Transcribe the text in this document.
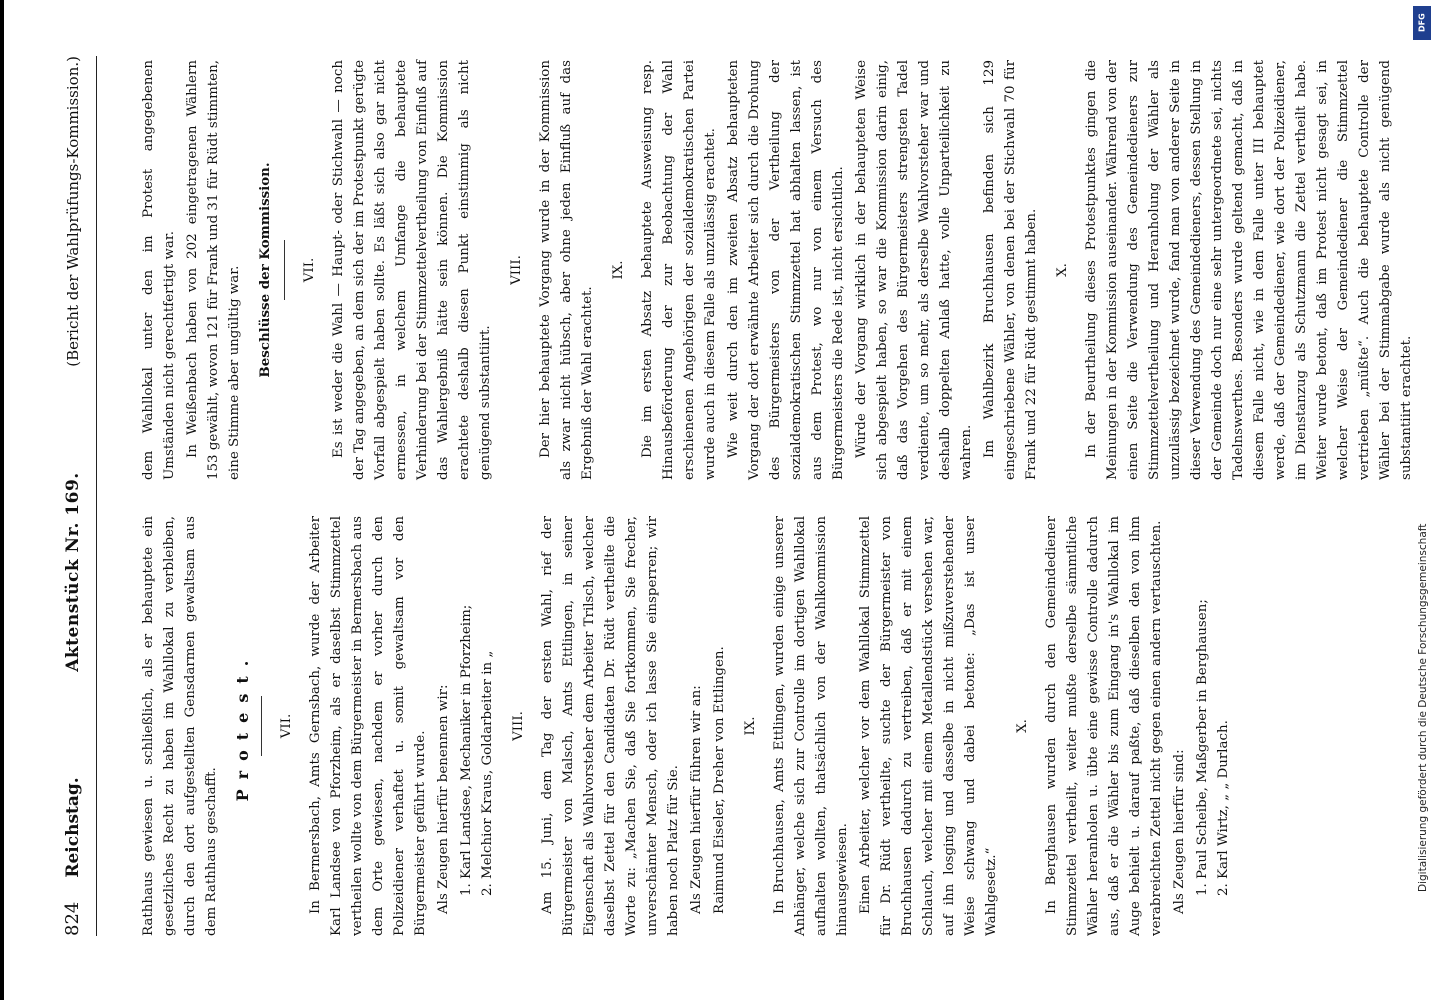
824
Reichstag.
Aktenstück Nr. 169.
(Bericht der Wahlprüfungs-Kommission.)

Rathhaus gewiesen u. schließlich, als er behauptete ein gesetzliches Recht zu haben im Wahllokal zu verbleiben, durch den dort aufgestellten Gensdarmen gewaltsam aus dem Rathhaus geschafft.

Protest. VII. In Bermersbach, Amts Gernsbach, wurde der Arbeiter Karl Landsee von Pforzheim, als er daselbst Stimmzettel vertheilen wollte von dem Bürgermeister in Bermersbach aus dem Orte gewiesen, nachdem er vorher durch den Polizeidiener verhaftet u. somit gewaltsam vor den Bürgermeister geführt wurde. Als Zeugen hierfür benennen wir: 1. Karl Landsee, Mechaniker in Pforzheim; 2. Melchior Kraus, Goldarbeiter in „ VIII. Am 15. Juni, dem Tag der ersten Wahl, rief der Bürgermeister von Malsch, Amts Ettlingen, in seiner Eigenschaft als Wahlvorsteher dem Arbeiter Trilsch, welcher daselbst Zettel für den Candidaten Dr. Rüdt vertheilte die Worte zu: „Machen Sie, daß Sie fortkommen, Sie frecher, unverschämter Mensch, oder ich lasse Sie einsperren; wir haben noch Platz für Sie. Als Zeugen hierfür führen wir an: Raimund Eiseler, Dreher von Ettlingen. IX. In Bruchhausen, Amts Ettlingen, wurden einige unserer Anhänger, welche sich zur Controlle im dortigen Wahllokal aufhalten wollten, thatsächlich von der Wahlkommission hinausgewiesen. Einen Arbeiter, welcher vor dem Wahllokal Stimmzettel für Dr. Rüdt vertheilte, suchte der Bürgermeister von Bruchhausen dadurch zu vertreiben, daß er mit einem Schlauch, welcher mit einem Metallendstück versehen war, auf ihn losging und dasselbe in nicht mißzuverstehender Weise schwang und dabei betonte: „Das ist unser Wahlgesetz.“

X. In Berghausen wurden durch den Gemeindediener Stimmzettel vertheilt, weiter mußte derselbe sämmtliche Wähler heranholen u. übte eine gewisse Controlle dadurch aus, daß er die Wähler bis zum Eingang in's Wahllokal im Auge behielt u. darauf paßte, daß dieselben den von ihm verabreichten Zettel nicht gegen einen andern vertauschten. Als Zeugen hierfür sind: 1. Paul Scheibe, Maßgerber in Berghausen; 2. Karl Wirtz, „ „ Durlach.

dem Wahllokal unter den im Protest angegebenen Umständen nicht gerechtfertigt war. In Weißenbach haben von 202 eingetragenen Wählern 153 gewählt, wovon 121 für Frank und 31 für Rüdt stimmten, eine Stimme aber ungültig war. Beschlüsse der Kommission. VII. Es ist weder die Wahl — Haupt- oder Stichwahl — noch der Tag angegeben, an dem sich der im Protestpunkt gerügte Vorfall abgespielt haben sollte. Es läßt sich also gar nicht ermessen, in welchem Umfange die behauptete Verhinderung bei der Stimmzettelvertheilung von Einfluß auf das Wahlergebniß hätte sein können. Die Kommission erachtete deshalb diesen Punkt einstimmig als nicht genügend substantiirt.

VIII. Der hier behauptete Vorgang wurde in der Kommission als zwar nicht hübsch, aber ohne jeden Einfluß auf das Ergebniß der Wahl erachtet.

IX. Die im ersten Absatz behauptete Ausweisung resp. Hinausbeförderung der zur Beobachtung der Wahl erschienenen Angehörigen der sozialdemokratischen Partei wurde auch in diesem Falle als unzulässig erachtet. Wie weit durch den im zweiten Absatz behaupteten Vorgang der dort erwähnte Arbeiter sich durch die Drohung des Bürgermeisters von der Vertheilung der sozialdemokratischen Stimmzettel hat abhalten lassen, ist aus dem Protest, wo nur von einem Versuch des Bürgermeisters die Rede ist, nicht ersichtlich. Würde der Vorgang wirklich in der behaupteten Weise sich abgespielt haben, so war die Kommission darin einig, daß das Vorgehen des Bürgermeisters strengsten Tadel verdiente, um so mehr, als derselbe Wahlvorsteher war und deshalb doppelten Anlaß hatte, volle Unparteilichkeit zu wahren. Im Wahlbezirk Bruchhausen befinden sich 129 eingeschriebene Wähler, von denen bei der Stichwahl 70 für Frank und 22 für Rüdt gestimmt haben. X. In der Beurtheilung dieses Protestpunktes gingen die Meinungen in der Kommission auseinander. Während von der einen Seite die Verwendung des Gemeindedieners zur Stimmzettelvertheilung und Heranholung der Wähler als unzulässig bezeichnet wurde, fand man von anderer Seite in dieser Verwendung des Gemeindedieners, dessen Stellung in der Gemeinde doch nur eine sehr untergeordnete sei, nichts Tadelnswerthes. Besonders wurde geltend gemacht, daß in diesem Falle nicht, wie in dem Falle unter III behauptet werde, daß der Gemeindediener, wie dort der Polizeidiener, im Dienstanzug als Schutzmann die Zettel vertheilt habe. Weiter wurde betont, daß im Protest nicht gesagt sei, in welcher Weise der Gemeindediener die Stimmzettel vertrieben „müßte“. Auch die behauptete Controlle der Wähler bei der Stimmabgabe wurde als nicht genügend substantiirt erachtet.

DFG
Digitalisierung gefördert durch die Deutsche Forschungsgemeinschaft
